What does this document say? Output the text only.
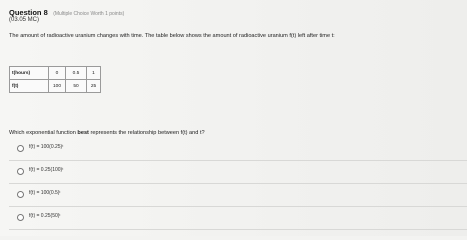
Question 8 (Multiple Choice Worth 1 points)
(03.05 MC)
The amount of radioactive uranium changes with time. The table below shows the amount of radioactive uranium f(t) left after time t:
t(hours)	0	0.5	1
f(t)	100	50	25
Which exponential function best represents the relationship between f(t) and t?
f(t) = 100(0.25)ᵗ
f(t) = 0.25(100)ᵗ
f(t) = 100(0.5)ᵗ
f(t) = 0.25(50)ᵗ
